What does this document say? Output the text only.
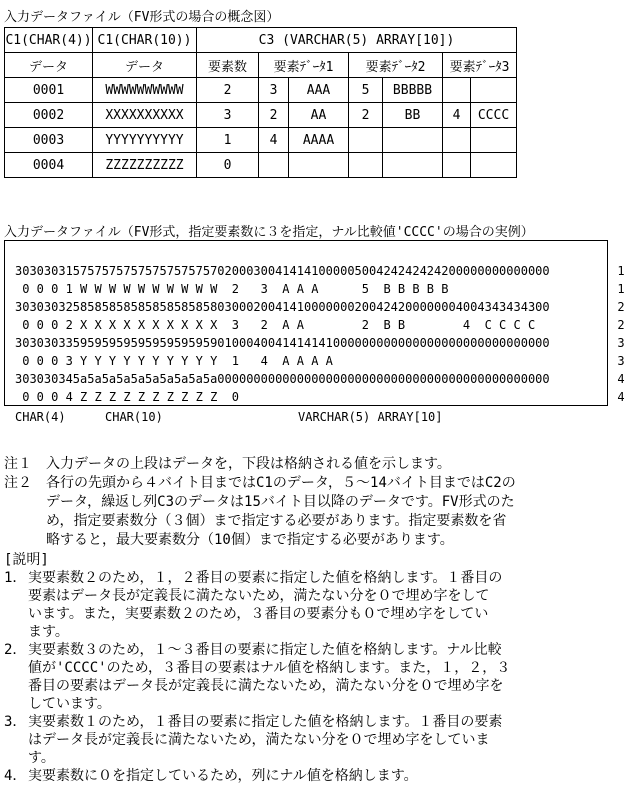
入力データファイル（FV形式の場合の概念図）
C1(CHAR(4))	C1(CHAR(10))	C3 (VARCHAR(5) ARRAY[10])						
データ	データ	要素数	要素ﾃﾞｰﾀ1		要素ﾃﾞｰﾀ2		要素ﾃﾞｰﾀ3	
0001	WWWWWWWWWW	2	3	AAA	5	BBBBB		
0002	XXXXXXXXXX	3	2	AA	2	BB	4	CCCC
0003	YYYYYYYYYY	1	4	AAAA				
0004	ZZZZZZZZZZ	0						
入力データファイル（FV形式，指定要素数に３を指定，ナル比較値'CCCC'の場合の実例）
30303031575757575757575757570200030041414100000500424242424200000000000000
0 0 0 1 W W W W W W W W W W  2   3  A A A      5  B B B B B
30303032585858585858585858580300020041410000000200424200000004004343434300
0 0 0 2 X X X X X X X X X X  3   2  A A        2  B B        4  C C C C
30303033595959595959595959590100040041414141000000000000000000000000000000
0 0 0 3 Y Y Y Y Y Y Y Y Y Y  1   4  A A A A
303030345a5a5a5a5a5a5a5a5a5a0000000000000000000000000000000000000000000000
0 0 0 4 Z Z Z Z Z Z Z Z Z Z  0
1
1
2
2
3
3
4
4
CHAR(4)	CHAR(10)	VARCHAR(5) ARRAY[10]
注１	入力データの上段はデータを，下段は格納される値を示します。
注２	各行の先頭から４バイト目まではC1のデータ，５～14バイト目まではC2の
データ，繰返し列C3のデータは15バイト目以降のデータです。FV形式のた
め，指定要素数分（３個）まで指定する必要があります。指定要素数を省
略すると，最大要素数分（10個）まで指定する必要があります。
[説明]
1． 実要素数２のため，１，２番目の要素に指定した値を格納します。１番目の
要素はデータ長が定義長に満たないため，満たない分を０で埋め字をして
います。また，実要素数２のため，３番目の要素分も０で埋め字をしてい
ます。
2． 実要素数３のため，１～３番目の要素に指定した値を格納します。ナル比較
値が'CCCC'のため，３番目の要素はナル値を格納します。また，１，２，３
番目の要素はデータ長が定義長に満たないため，満たない分を０で埋め字を
しています。
3． 実要素数１のため，１番目の要素に指定した値を格納します。１番目の要素
はデータ長が定義長に満たないため，満たない分を０で埋め字をしていま
す。
4． 実要素数に０を指定しているため，列にナル値を格納します。
